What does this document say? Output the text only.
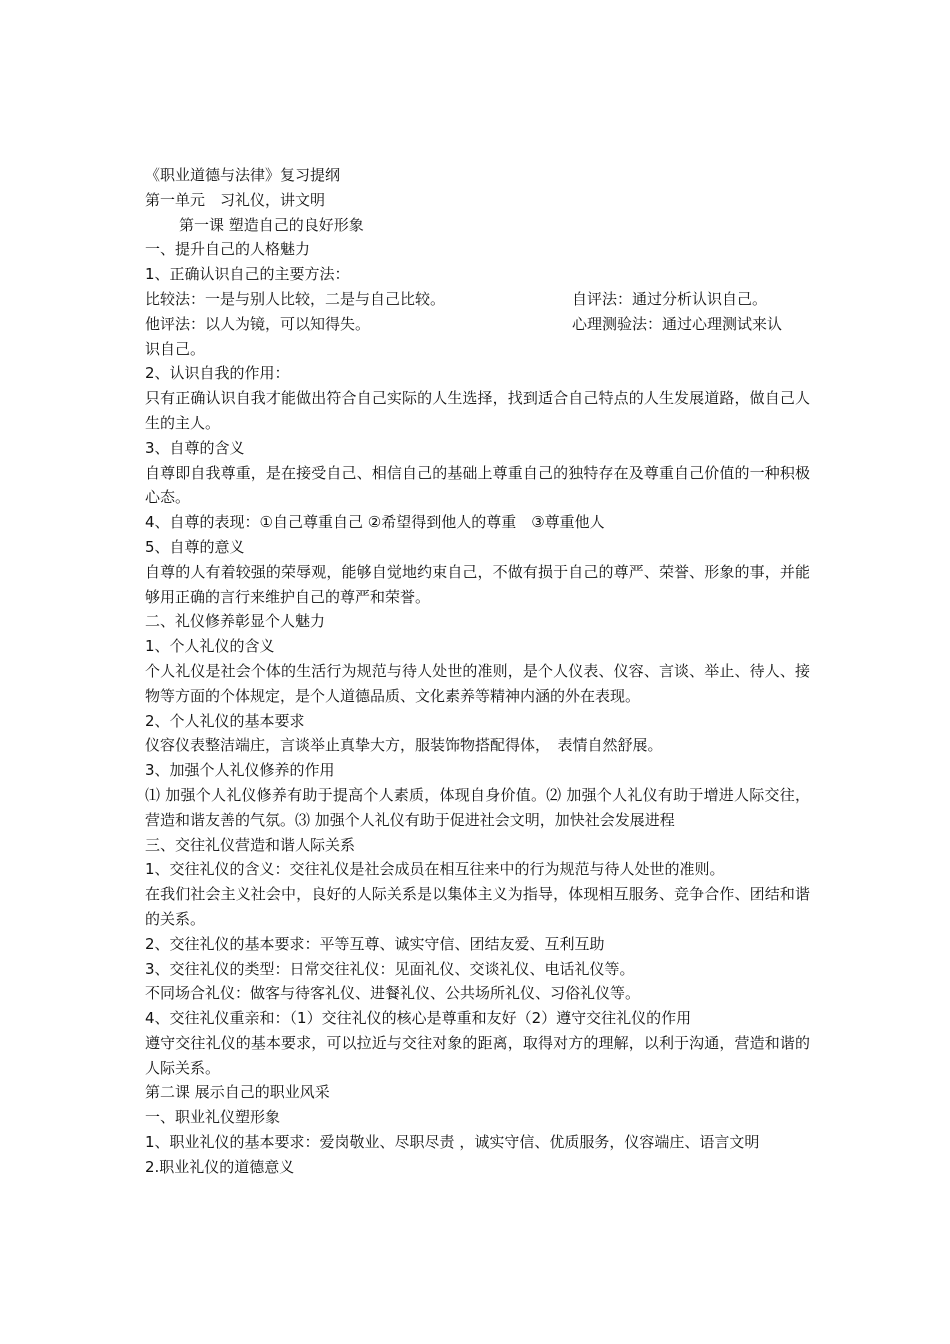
《职业道德与法律》复习提纲
第一单元　习礼仪，讲文明
第一课 塑造自己的良好形象
一、提升自己的人格魅力
1、正确认识自己的主要方法：
比较法：一是与别人比较，二是与自己比较。	自评法：通过分析认识自己。
他评法：以人为镜，可以知得失。	心理测验法：通过心理测试来认
识自己。
2、认识自我的作用：
只有正确认识自我才能做出符合自己实际的人生选择，找到适合自己特点的人生发展道路，做自己人生的主人。
3、自尊的含义
自尊即自我尊重，是在接受自己、相信自己的基础上尊重自己的独特存在及尊重自己价值的一种积极心态。
4、自尊的表现：①自己尊重自己 ②希望得到他人的尊重　③尊重他人
5、自尊的意义
自尊的人有着较强的荣辱观，能够自觉地约束自己，不做有损于自己的尊严、荣誉、形象的事，并能够用正确的言行来维护自己的尊严和荣誉。
二、礼仪修养彰显个人魅力
1、个人礼仪的含义
个人礼仪是社会个体的生活行为规范与待人处世的准则，是个人仪表、仪容、言谈、举止、待人、接物等方面的个体规定，是个人道德品质、文化素养等精神内涵的外在表现。
2、个人礼仪的基本要求
仪容仪表整洁端庄，言谈举止真挚大方，服装饰物搭配得体，　表情自然舒展。
3、加强个人礼仪修养的作用
⑴ 加强个人礼仪修养有助于提高个人素质，体现自身价值。⑵ 加强个人礼仪有助于增进人际交往，营造和谐友善的气氛。⑶ 加强个人礼仪有助于促进社会文明，加快社会发展进程
三、交往礼仪营造和谐人际关系
1、交往礼仪的含义：交往礼仪是社会成员在相互往来中的行为规范与待人处世的准则。
在我们社会主义社会中，良好的人际关系是以集体主义为指导，体现相互服务、竞争合作、团结和谐的关系。
2、交往礼仪的基本要求：平等互尊、诚实守信、团结友爱、互利互助
3、交往礼仪的类型：日常交往礼仪：见面礼仪、交谈礼仪、电话礼仪等。
不同场合礼仪：做客与待客礼仪、进餐礼仪、公共场所礼仪、习俗礼仪等。
4、交往礼仪重亲和：（1）交往礼仪的核心是尊重和友好（2）遵守交往礼仪的作用
遵守交往礼仪的基本要求，可以拉近与交往对象的距离，取得对方的理解，以利于沟通，营造和谐的人际关系。
第二课 展示自己的职业风采
一、职业礼仪塑形象
1、职业礼仪的基本要求：爱岗敬业、尽职尽责 ，诚实守信、优质服务，仪容端庄、语言文明
2.职业礼仪的道德意义
